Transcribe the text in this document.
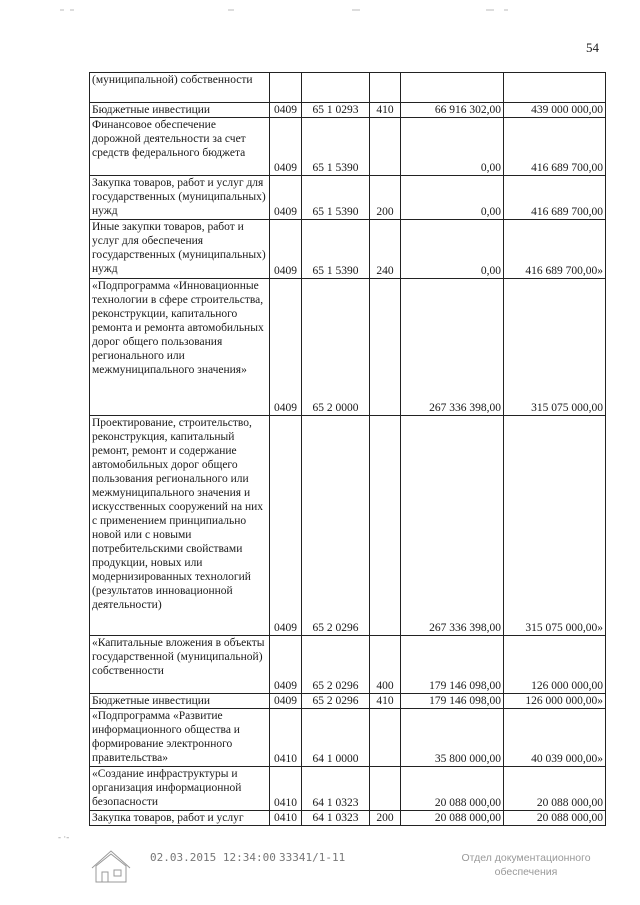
54
(муниципальной) собственности					
Бюджетные инвестиции	0409	65 1 0293	410	66 916 302,00	439 000 000,00
Финансовое обеспечение дорожной деятельности за счет средств федерального бюджета	0409	65 1 5390		0,00	416 689 700,00
Закупка товаров, работ и услуг для государственных (муниципальных) нужд	0409	65 1 5390	200	0,00	416 689 700,00
Иные закупки товаров, работ и услуг для обеспечения государственных (муниципальных) нужд	0409	65 1 5390	240	0,00	416 689 700,00»
«Подпрограмма «Инновационные технологии в сфере строительства, реконструкции, капитального ремонта и ремонта автомобильных дорог общего пользования регионального или межмуниципального значения»	0409	65 2 0000		267 336 398,00	315 075 000,00
Проектирование, строительство, реконструкция, капитальный ремонт, ремонт и содержание автомобильных дорог общего пользования регионального или межмуниципального значения и искусственных сооружений на них с применением принципиально новой или с новыми потребительскими свойствами продукции, новых или модернизированных технологий (результатов инновационной деятельности)	0409	65 2 0296		267 336 398,00	315 075 000,00»
«Капитальные вложения в объекты государственной (муниципальной) собственности	0409	65 2 0296	400	179 146 098,00	126 000 000,00
Бюджетные инвестиции	0409	65 2 0296	410	179 146 098,00	126 000 000,00»
«Подпрограмма «Развитие информационного общества и формирование электронного правительства»	0410	64 1 0000		35 800 000,00	40 039 000,00»
«Создание инфраструктуры и организация информационной безопасности	0410	64 1 0323		20 088 000,00	20 088 000,00
Закупка товаров, работ и услуг	0410	64 1 0323	200	20 088 000,00	20 088 000,00
‑ ·‑
02.03.2015 12:34:00 33341/1-11	Отдел документационного
обеспечения
